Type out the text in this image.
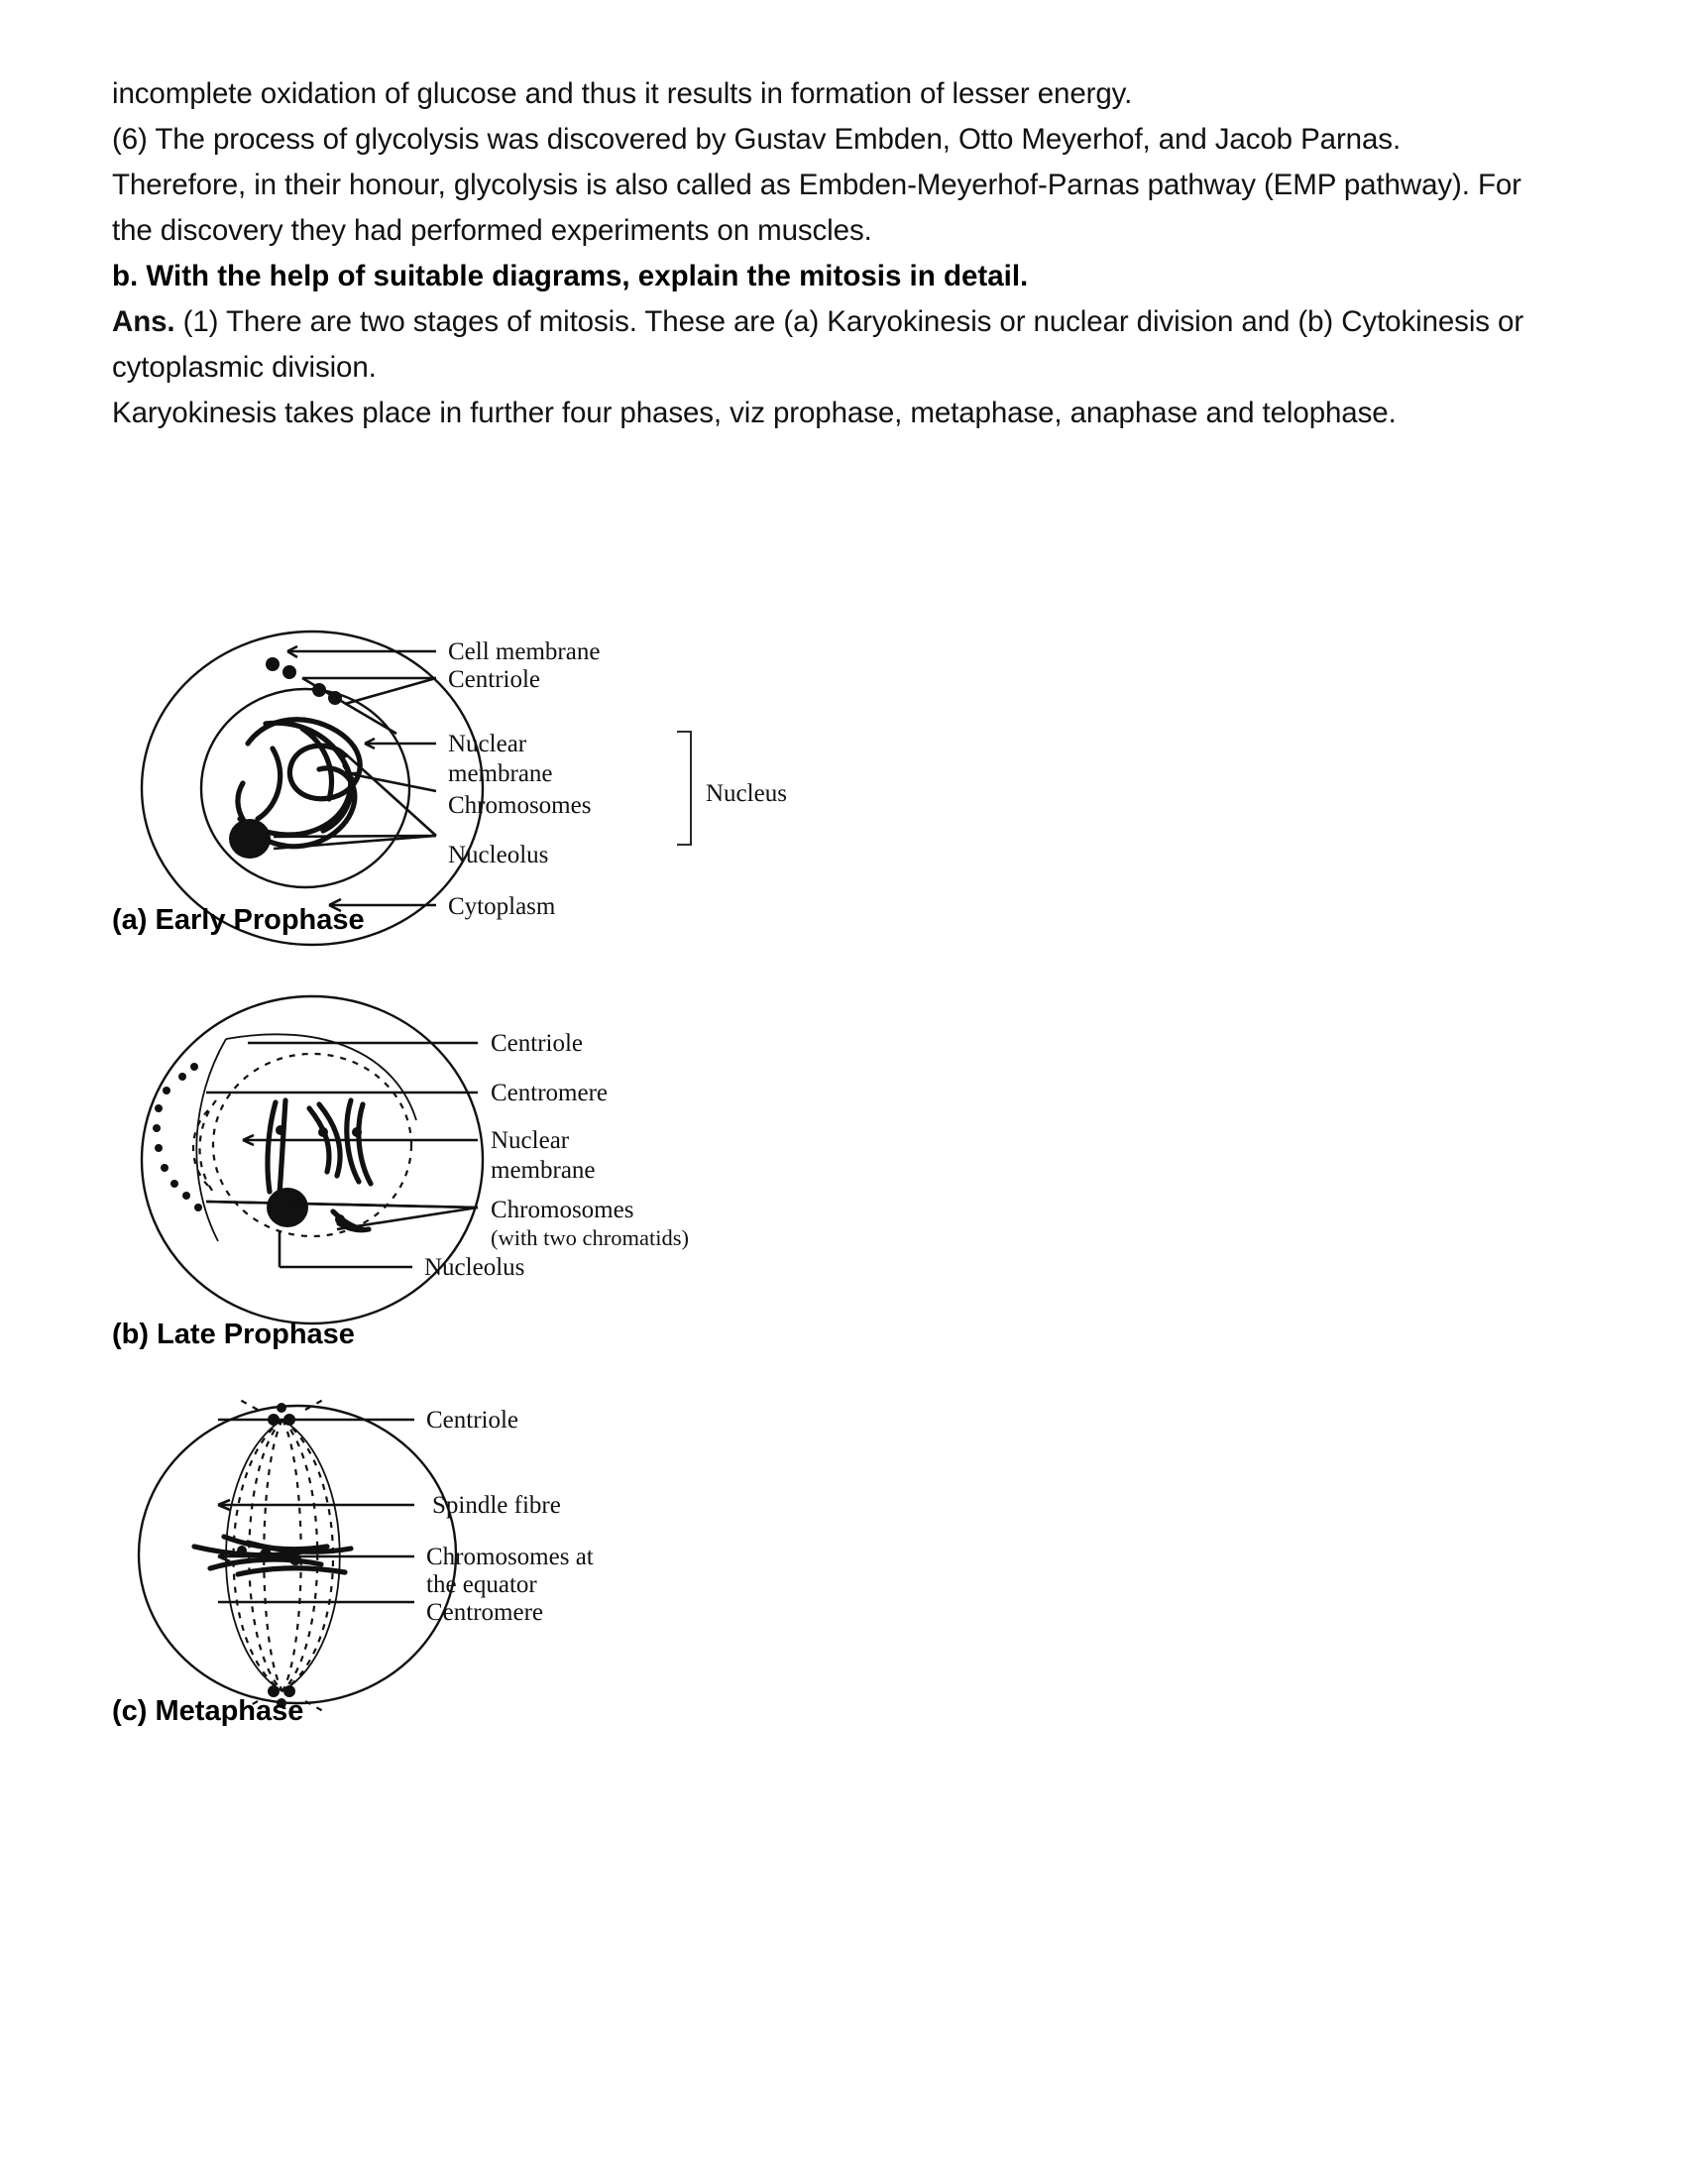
incomplete oxidation of glucose and thus it results in formation of lesser energy.

(6) The process of glycolysis was discovered by Gustav Embden, Otto Meyerhof, and Jacob Parnas.

Therefore, in their honour, glycolysis is also called as Embden-Meyerhof-Parnas pathway (EMP pathway). For the discovery they had performed experiments on muscles.

b. With the help of suitable diagrams, explain the mitosis in detail.

Ans. (1) There are two stages of mitosis. These are (a) Karyokinesis or nuclear division and (b) Cytokinesis or cytoplasmic division.

Karyokinesis takes place in further four phases, viz prophase, metaphase, anaphase and telophase.

Cell membrane
Centriole
Nuclear
membrane
Chromosomes
Nucleolus
Cytoplasm
Nucleus
(a) Early Prophase
Centriole
Centromere
Nuclear
membrane
Chromosomes
(with two chromatids)
Nucleolus
(b) Late Prophase
Centriole
Spindle fibre
Chromosomes at
the equator
Centromere
(c) Metaphase
